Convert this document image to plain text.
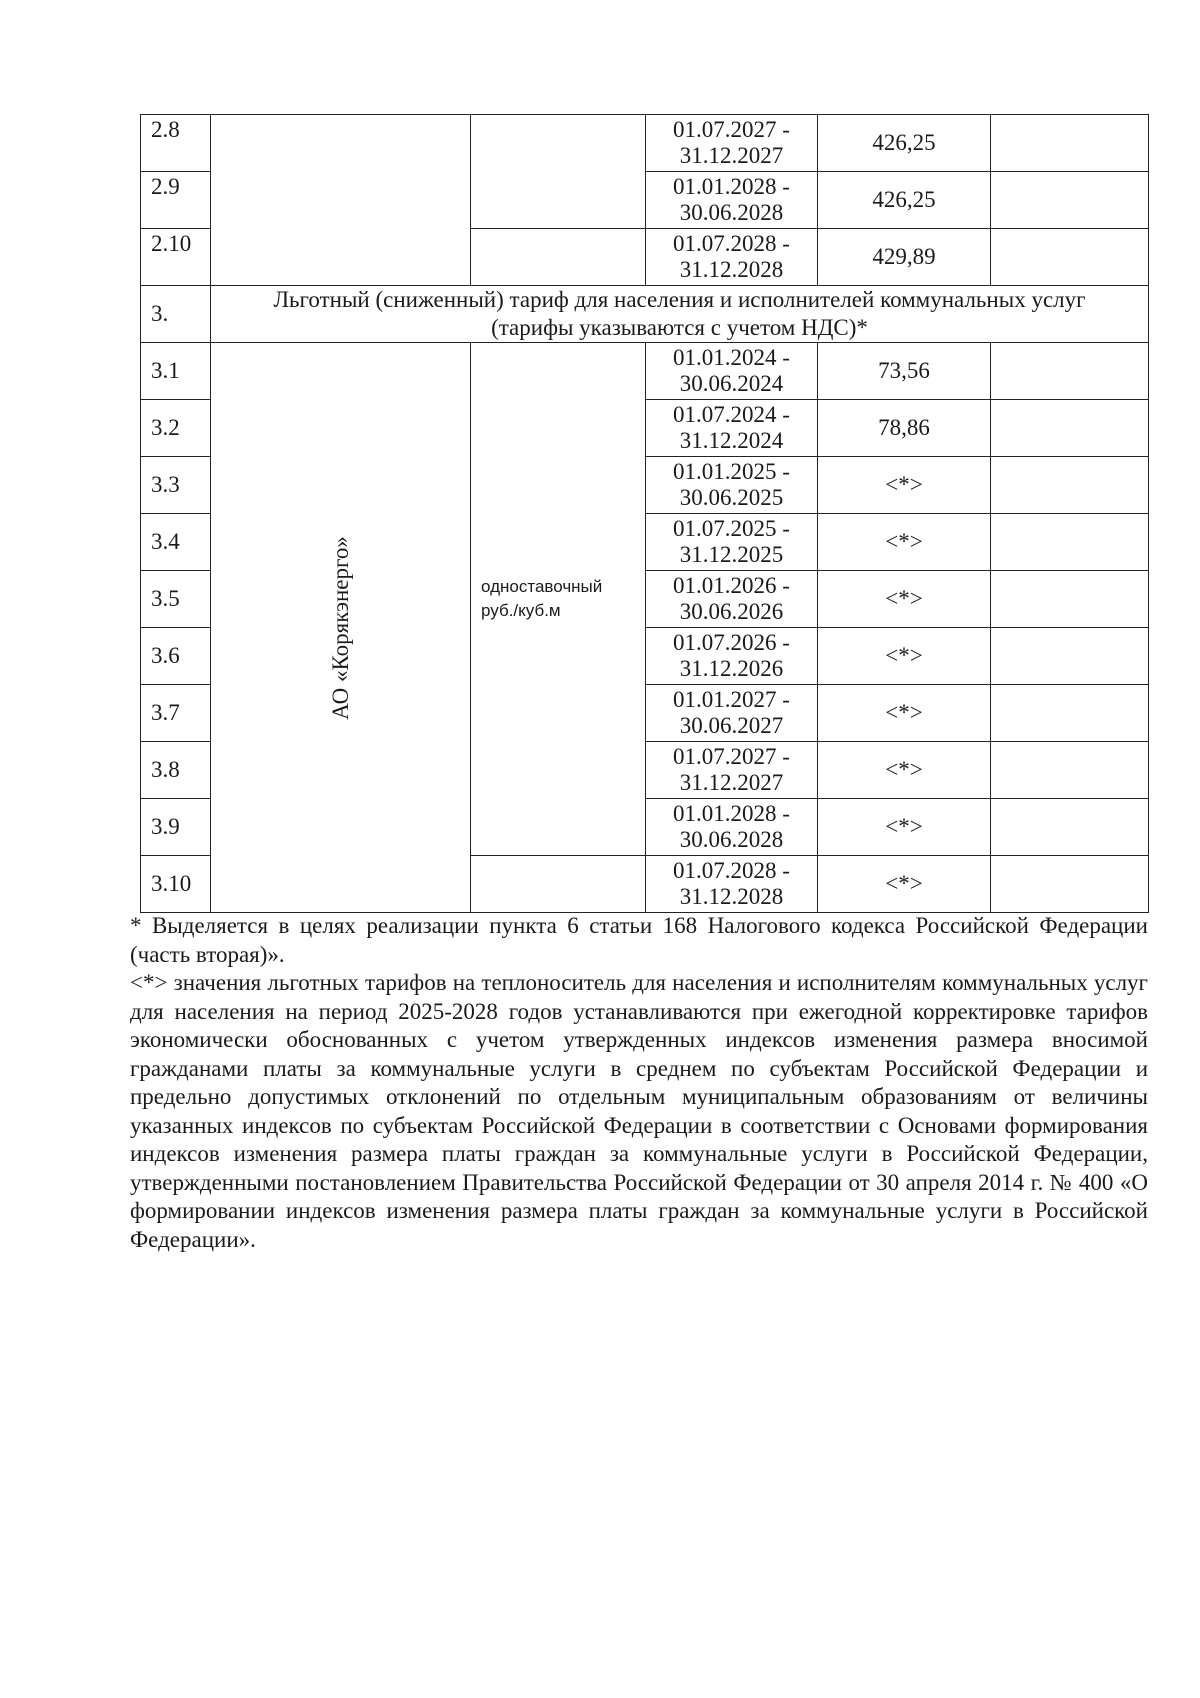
2.8			01.07.2027 -
31.12.2027	426,25	
2.9			01.01.2028 -
30.06.2028	426,25	
2.10			01.07.2028 -
31.12.2028	429,89	
3.	Льготный (сниженный) тариф для населения и исполнителей коммунальных услуг
(тарифы указываются с учетом НДС)*				
3.1	АО «Корякэнерго»	одноставочный
руб./куб.м	01.01.2024 -
30.06.2024	73,56	
3.2			01.07.2024 -
31.12.2024	78,86	
3.3			01.01.2025 -
30.06.2025	<*>	
3.4			01.07.2025 -
31.12.2025	<*>	
3.5			01.01.2026 -
30.06.2026	<*>	
3.6			01.07.2026 -
31.12.2026	<*>	
3.7			01.01.2027 -
30.06.2027	<*>	
3.8			01.07.2027 -
31.12.2027	<*>	
3.9			01.01.2028 -
30.06.2028	<*>	
3.10			01.07.2028 -
31.12.2028	<*>	

* Выделяется в целях реализации пункта 6 статьи 168 Налогового кодекса Российской Федерации (часть вторая)».

<*> значения льготных тарифов на теплоноситель для населения и исполнителям коммунальных услуг для населения на период 2025-2028 годов устанавливаются при ежегодной корректировке тарифов экономически обоснованных с учетом утвержденных индексов изменения размера вносимой гражданами платы за коммунальные услуги в среднем по субъектам Российской Федерации и предельно допустимых отклонений по отдельным муниципальным образованиям от величины указанных индексов по субъектам Российской Федерации в соответствии с Основами формирования индексов изменения размера платы граждан за коммунальные услуги в Российской Федерации, утвержденными постановлением Правительства Российской Федерации от 30 апреля 2014 г. № 400 «О формировании индексов изменения размера платы граждан за коммунальные услуги в Российской Федерации».
